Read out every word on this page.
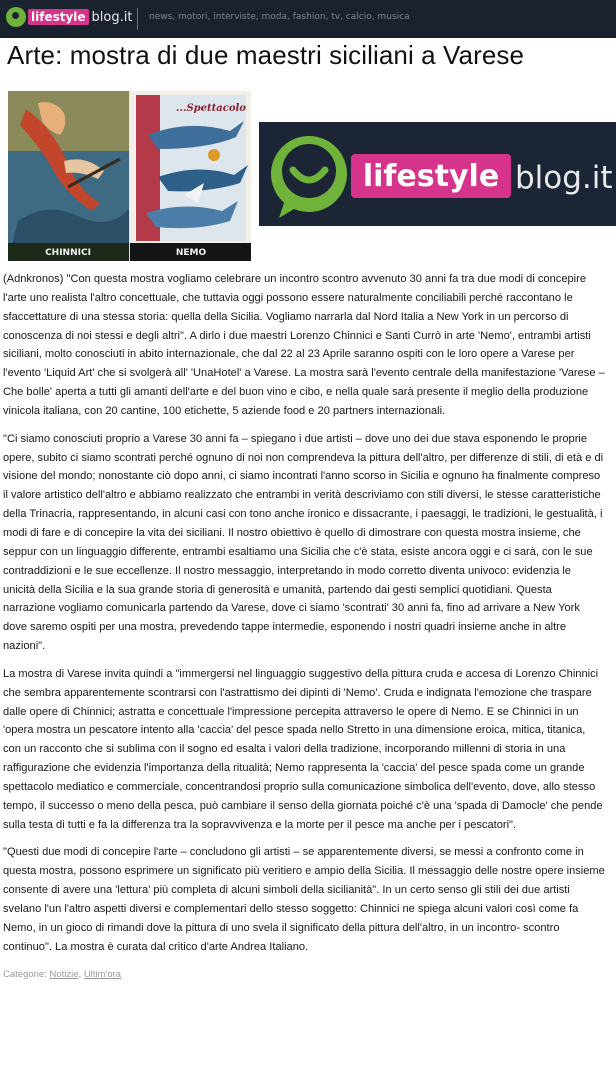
lifestyle blog.it news, motori, interviste, moda, fashion, tv, calcio, musica
Arte: mostra di due maestri siciliani a Varese
CHINNICI
...Spettacolo
NEMO
lifestyle blog.it

(Adnkronos) "Con questa mostra vogliamo celebrare un incontro scontro avvenuto 30 anni fa tra due modi di concepire l'arte uno realista l'altro concettuale, che tuttavia oggi possono essere naturalmente conciliabili perché raccontano le sfaccettature di una stessa storia: quella della Sicilia. Vogliamo narrarla dal Nord Italia a New York in un percorso di conoscenza di noi stessi e degli altri". A dirlo i due maestri Lorenzo Chinnici e Santi Currò in arte 'Nemo', entrambi artisti siciliani, molto conosciuti in abito internazionale, che dal 22 al 23 Aprile saranno ospiti con le loro opere a Varese per l'evento 'Liquid Art' che si svolgerà all' 'UnaHotel' a Varese. La mostra sarà l'evento centrale della manifestazione 'Varese – Che bolle' aperta a tutti gli amanti dell'arte e del buon vino e cibo, e nella quale sarà presente il meglio della produzione vinicola italiana, con 20 cantine, 100 etichette, 5 aziende food e 20 partners internazionali.

"Ci siamo conosciuti proprio a Varese 30 anni fa – spiegano i due artisti – dove uno dei due stava esponendo le proprie opere, subito ci siamo scontrati perché ognuno di noi non comprendeva la pittura dell'altro, per differenze di stili, di età e di visione del mondo; nonostante ciò dopo anni, ci siamo incontrati l'anno scorso in Sicilia e ognuno ha finalmente compreso il valore artistico dell'altro e abbiamo realizzato che entrambi in verità descriviamo con stili diversi, le stesse caratteristiche della Trinacria, rappresentando, in alcuni casi con tono anche ironico e dissacrante, i paesaggi, le tradizioni, le gestualità, i modi di fare e di concepire la vita dei siciliani. Il nostro obiettivo è quello di dimostrare con questa mostra insieme, che seppur con un linguaggio differente, entrambi esaltiamo una Sicilia che c'è stata, esiste ancora oggi e ci sarà, con le sue contraddizioni e le sue eccellenze. Il nostro messaggio, interpretando in modo corretto diventa univoco: evidenzia le unicità della Sicilia e la sua grande storia di generosità e umanità, partendo dai gesti semplici quotidiani. Questa narrazione vogliamo comunicarla partendo da Varese, dove ci siamo 'scontrati' 30 anni fa, fino ad arrivare a New York dove saremo ospiti per una mostra, prevedendo tappe intermedie, esponendo i nostri quadri insieme anche in altre nazioni".

La mostra di Varese invita quindi a "immergersi nel linguaggio suggestivo della pittura cruda e accesa di Lorenzo Chinnici che sembra apparentemente scontrarsi con l'astrattismo dei dipinti di 'Nemo'. Cruda e indignata l'emozione che traspare dalle opere di Chinnici; astratta e concettuale l'impressione percepita attraverso le opere di Nemo. E se Chinnici in un 'opera mostra un pescatore intento alla 'caccia' del pesce spada nello Stretto in una dimensione eroica, mitica, titanica, con un racconto che si sublima con il sogno ed esalta i valori della tradizione, incorporando millenni di storia in una raffigurazione che evidenzia l'importanza della ritualità; Nemo rappresenta la 'caccia' del pesce spada come un grande spettacolo mediatico e commerciale, concentrandosi proprio sulla comunicazione simbolica dell'evento, dove, allo stesso tempo, il successo o meno della pesca, può cambiare il senso della giornata poiché c'è una 'spada di Damocle' che pende sulla testa di tutti e fa la differenza tra la sopravvivenza e la morte per il pesce ma anche per i pescatori".

"Questi due modi di concepire l'arte – concludono gli artisti – se apparentemente diversi, se messi a confronto come in questa mostra, possono esprimere un significato più veritiero e ampio della Sicilia. Il messaggio delle nostre opere insieme consente di avere una 'lettura' più completa di alcuni simboli della sicilianità". In un certo senso gli stili dei due artisti svelano l'un l'altro aspetti diversi e complementari dello stesso soggetto: Chinnici ne spiega alcuni valori così come fa Nemo, in un gioco di rimandi dove la pittura di uno svela il significato della pittura dell'altro, in un incontro- scontro continuo". La mostra è curata dal critico d'arte Andrea Italiano.

Categorie: Notizie, Ultim'ora
